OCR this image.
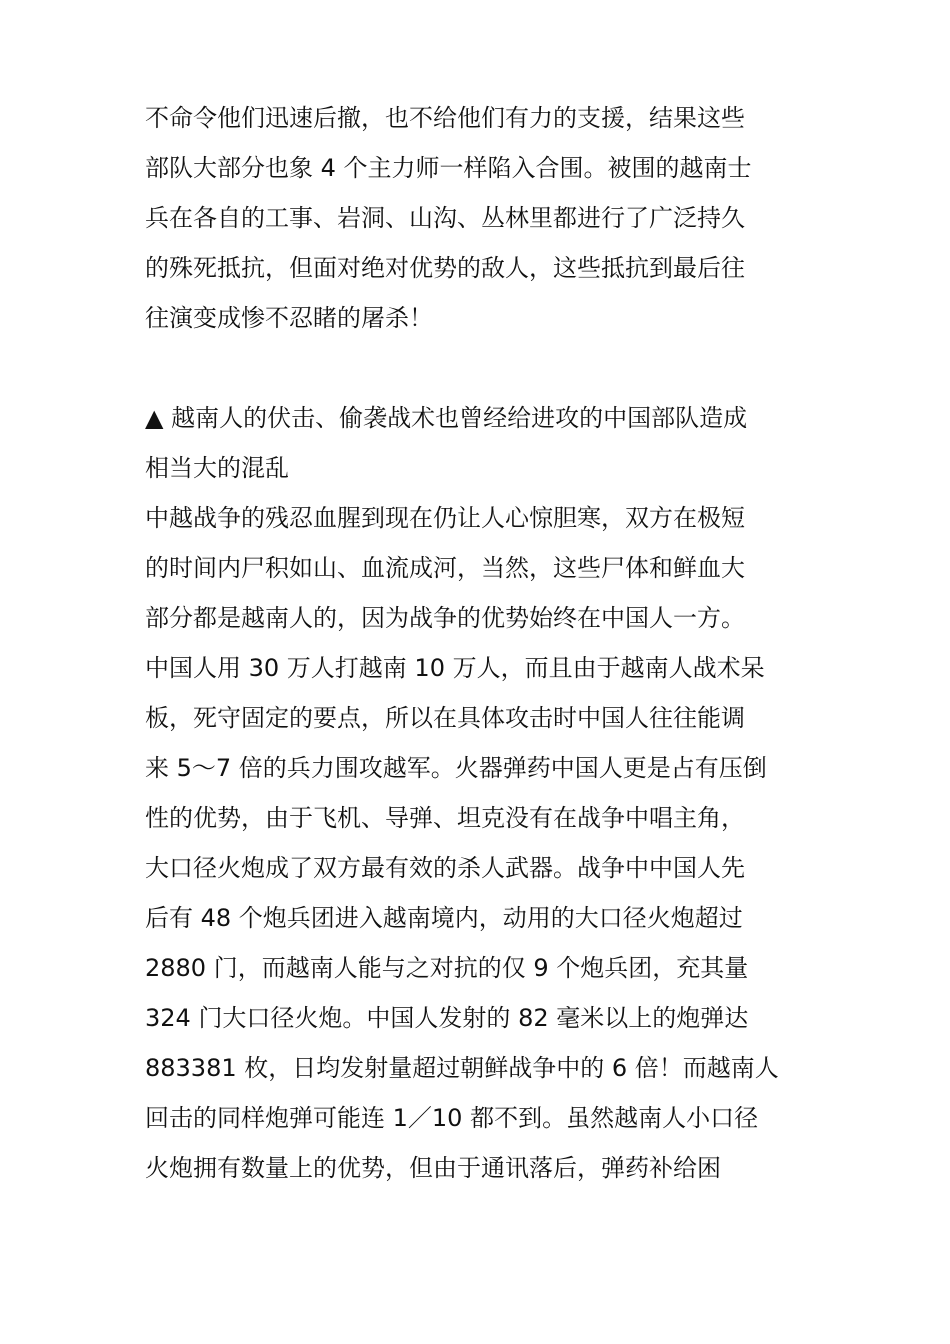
不命令他们迅速后撤，也不给他们有力的支援，结果这些
部队大部分也象 4 个主力师一样陷入合围。被围的越南士
兵在各自的工事、岩洞、山沟、丛林里都进行了广泛持久
的殊死抵抗，但面对绝对优势的敌人，这些抵抗到最后往
往演变成惨不忍睹的屠杀！
▲ 越南人的伏击、偷袭战术也曾经给进攻的中国部队造成
相当大的混乱
中越战争的残忍血腥到现在仍让人心惊胆寒，双方在极短
的时间内尸积如山、血流成河，当然，这些尸体和鲜血大
部分都是越南人的，因为战争的优势始终在中国人一方。
中国人用 30 万人打越南 10 万人，而且由于越南人战术呆
板，死守固定的要点，所以在具体攻击时中国人往往能调
来 5～7 倍的兵力围攻越军。火器弹药中国人更是占有压倒
性的优势，由于飞机、导弹、坦克没有在战争中唱主角，
大口径火炮成了双方最有效的杀人武器。战争中中国人先
后有 48 个炮兵团进入越南境内，动用的大口径火炮超过
2880 门，而越南人能与之对抗的仅 9 个炮兵团，充其量
324 门大口径火炮。中国人发射的 82 毫米以上的炮弹达
883381 枚，日均发射量超过朝鲜战争中的 6 倍！而越南人
回击的同样炮弹可能连 1／10 都不到。虽然越南人小口径
火炮拥有数量上的优势，但由于通讯落后，弹药补给困
